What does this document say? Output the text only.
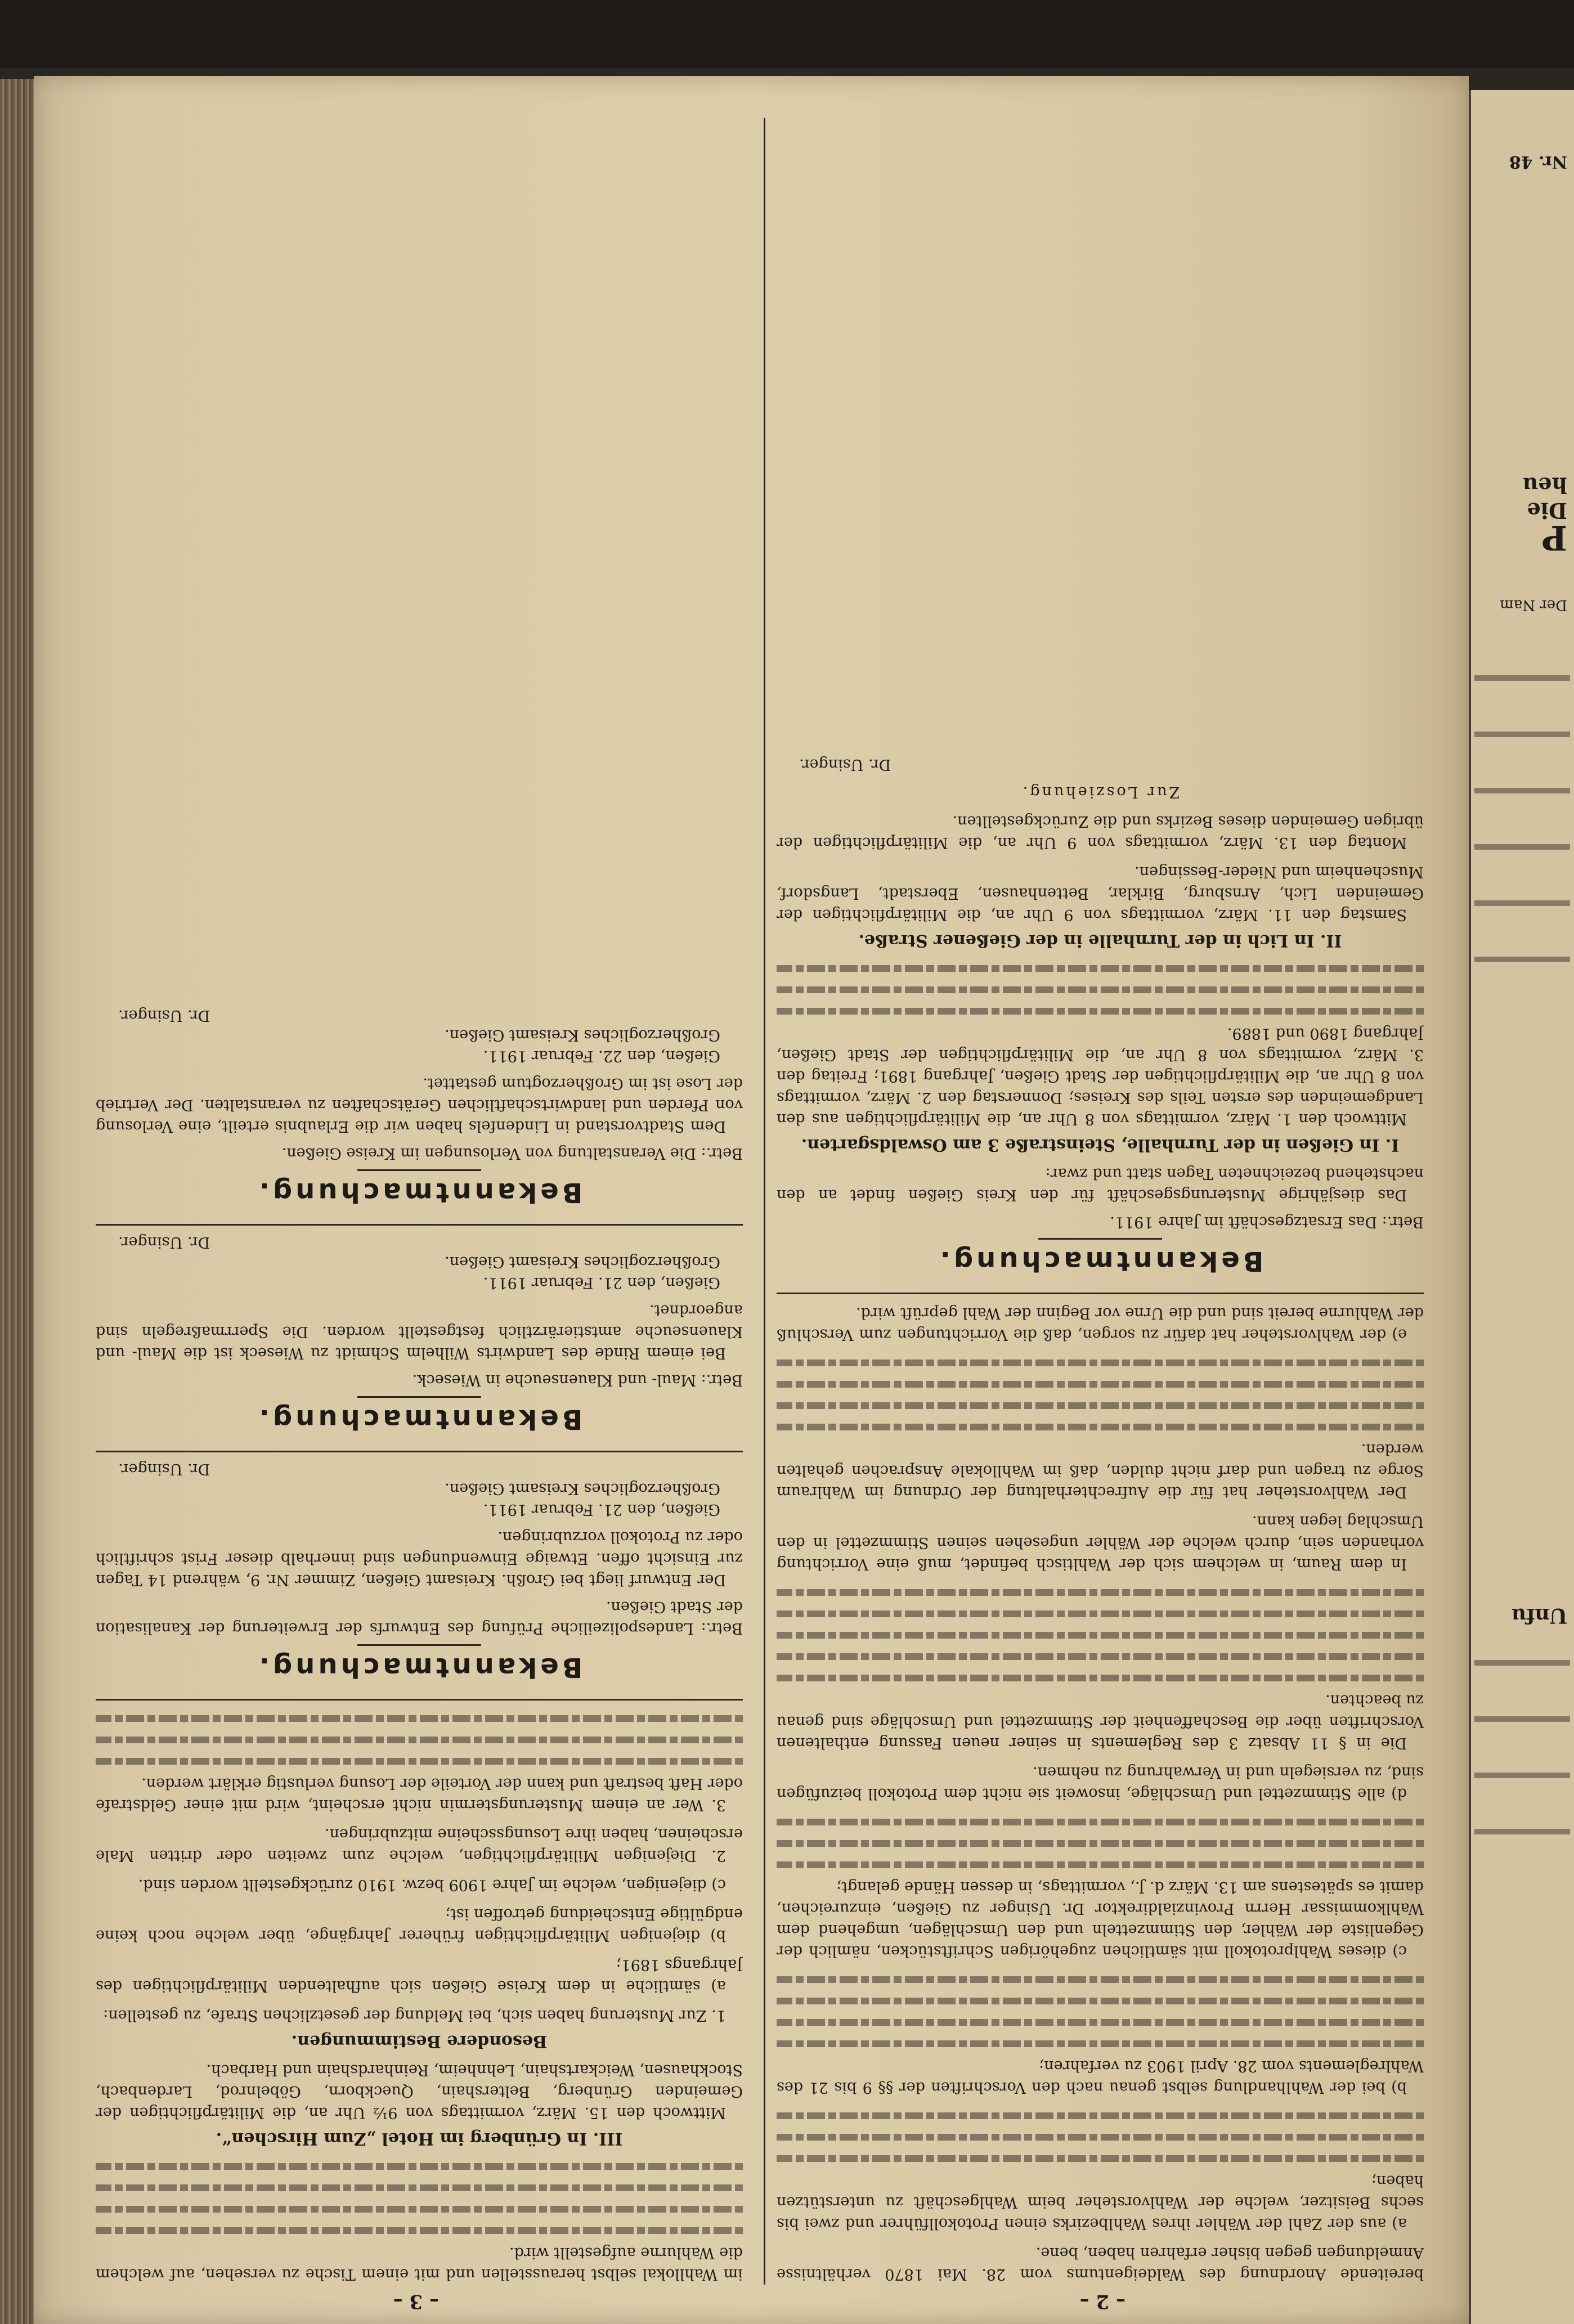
Nr. 48
Die heu
P
Der Nam
Unfu
– 2 –
– 3 –

bereitende Anordnung des Waldeigentums vom 28. Mai 1870 verhältnisse Anmeldungen gegen bisher erfahren haben, bene.

a) aus der Zahl der Wähler ihres Wahlbezirks einen Protokollführer und zwei bis sechs Beisitzer, welche der Wahlvorsteher beim Wahlgeschäft zu unterstützen haben;

b) bei der Wahlhandlung selbst genau nach den Vorschriften der §§ 9 bis 21 des Wahlreglements vom 28. April 1903 zu verfahren;

c) dieses Wahlprotokoll mit sämtlichen zugehörigen Schriftstücken, nämlich der Gegenliste der Wähler, den Stimmzetteln und den Umschlägen, umgehend dem Wahlkommissar Herrn Provinzialdirektor Dr. Usinger zu Gießen, einzureichen, damit es spätestens am 13. März d. J., vormittags, in dessen Hände gelangt;

d) alle Stimmzettel und Umschläge, insoweit sie nicht dem Protokoll beizufügen sind, zu versiegeln und in Verwahrung zu nehmen.

Die in § 11 Absatz 3 des Reglements in seiner neuen Fassung enthaltenen Vorschriften über die Beschaffenheit der Stimmzettel und Umschläge sind genau zu beachten.

In dem Raum, in welchem sich der Wahltisch befindet, muß eine Vorrichtung vorhanden sein, durch welche der Wähler ungesehen seinen Stimmzettel in den Umschlag legen kann.

Der Wahlvorsteher hat für die Aufrechterhaltung der Ordnung im Wahlraum Sorge zu tragen und darf nicht dulden, daß im Wahllokale Ansprachen gehalten werden.

e) der Wahlvorsteher hat dafür zu sorgen, daß die Vorrichtungen zum Verschluß der Wahlurne bereit sind und die Urne vor Beginn der Wahl geprüft wird.

Bekanntmachung.

Betr.: Das Ersatzgeschäft im Jahre 1911.

Das diesjährige Musterungsgeschäft für den Kreis Gießen findet an den nachstehend bezeichneten Tagen statt und zwar:

I. In Gießen in der Turnhalle, Steinstraße 3 am Oswaldsgarten.

Mittwoch den 1. März, vormittags von 8 Uhr an, die Militärpflichtigen aus den Landgemeinden des ersten Teils des Kreises; Donnerstag den 2. März, vormittags von 8 Uhr an, die Militärpflichtigen der Stadt Gießen, Jahrgang 1891; Freitag den 3. März, vormittags von 8 Uhr an, die Militärpflichtigen der Stadt Gießen, Jahrgang 1890 und 1889.

II. In Lich in der Turnhalle in der Gießener Straße.

Samstag den 11. März, vormittags von 9 Uhr an, die Militärpflichtigen der Gemeinden Lich, Arnsburg, Birklar, Bettenhausen, Eberstadt, Langsdorf, Muschenheim und Nieder-Bessingen.

Montag den 13. März, vormittags von 9 Uhr an, die Militärpflichtigen der übrigen Gemeinden dieses Bezirks und die Zurückgestellten.

Zur Losziehung.

Dr. Usinger.

im Wahllokal selbst herausstellen und mit einem Tische zu versehen, auf welchem die Wahlurne aufgestellt wird.

III. In Grünberg im Hotel „Zum Hirschen“.

Mittwoch den 15. März, vormittags von 9½ Uhr an, die Militärpflichtigen der Gemeinden Grünberg, Beltershain, Queckborn, Göbelnrod, Lardenbach, Stockhausen, Weickartshain, Lehnheim, Reinhardshain und Harbach.

Besondere Bestimmungen.

1. Zur Musterung haben sich, bei Meldung der gesetzlichen Strafe, zu gestellen:

a) sämtliche in dem Kreise Gießen sich aufhaltenden Militärpflichtigen des Jahrgangs 1891;

b) diejenigen Militärpflichtigen früherer Jahrgänge, über welche noch keine endgültige Entscheidung getroffen ist;

c) diejenigen, welche im Jahre 1909 bezw. 1910 zurückgestellt worden sind.

2. Diejenigen Militärpflichtigen, welche zum zweiten oder dritten Male erscheinen, haben ihre Losungsscheine mitzubringen.

3. Wer an einem Musterungstermin nicht erscheint, wird mit einer Geldstrafe oder Haft bestraft und kann der Vorteile der Losung verlustig erklärt werden.

Bekanntmachung.

Betr.: Landespolizeiliche Prüfung des Entwurfs der Erweiterung der Kanalisation der Stadt Gießen.

Der Entwurf liegt bei Großh. Kreisamt Gießen, Zimmer Nr. 9, während 14 Tagen zur Einsicht offen. Etwaige Einwendungen sind innerhalb dieser Frist schriftlich oder zu Protokoll vorzubringen.

Gießen, den 21. Februar 1911.

Großherzogliches Kreisamt Gießen.

Dr. Usinger.

Bekanntmachung.

Betr.: Maul- und Klauenseuche in Wieseck.

Bei einem Rinde des Landwirts Wilhelm Schmidt zu Wieseck ist die Maul- und Klauenseuche amtstierärztlich festgestellt worden. Die Sperrmaßregeln sind angeordnet.

Gießen, den 21. Februar 1911.

Großherzogliches Kreisamt Gießen.

Dr. Usinger.

Bekanntmachung.

Betr.: Die Veranstaltung von Verlosungen im Kreise Gießen.

Dem Stadtvorstand in Lindenfels haben wir die Erlaubnis erteilt, eine Verlosung von Pferden und landwirtschaftlichen Gerätschaften zu veranstalten. Der Vertrieb der Lose ist im Großherzogtum gestattet.

Gießen, den 22. Februar 1911.

Großherzogliches Kreisamt Gießen.

Dr. Usinger.
